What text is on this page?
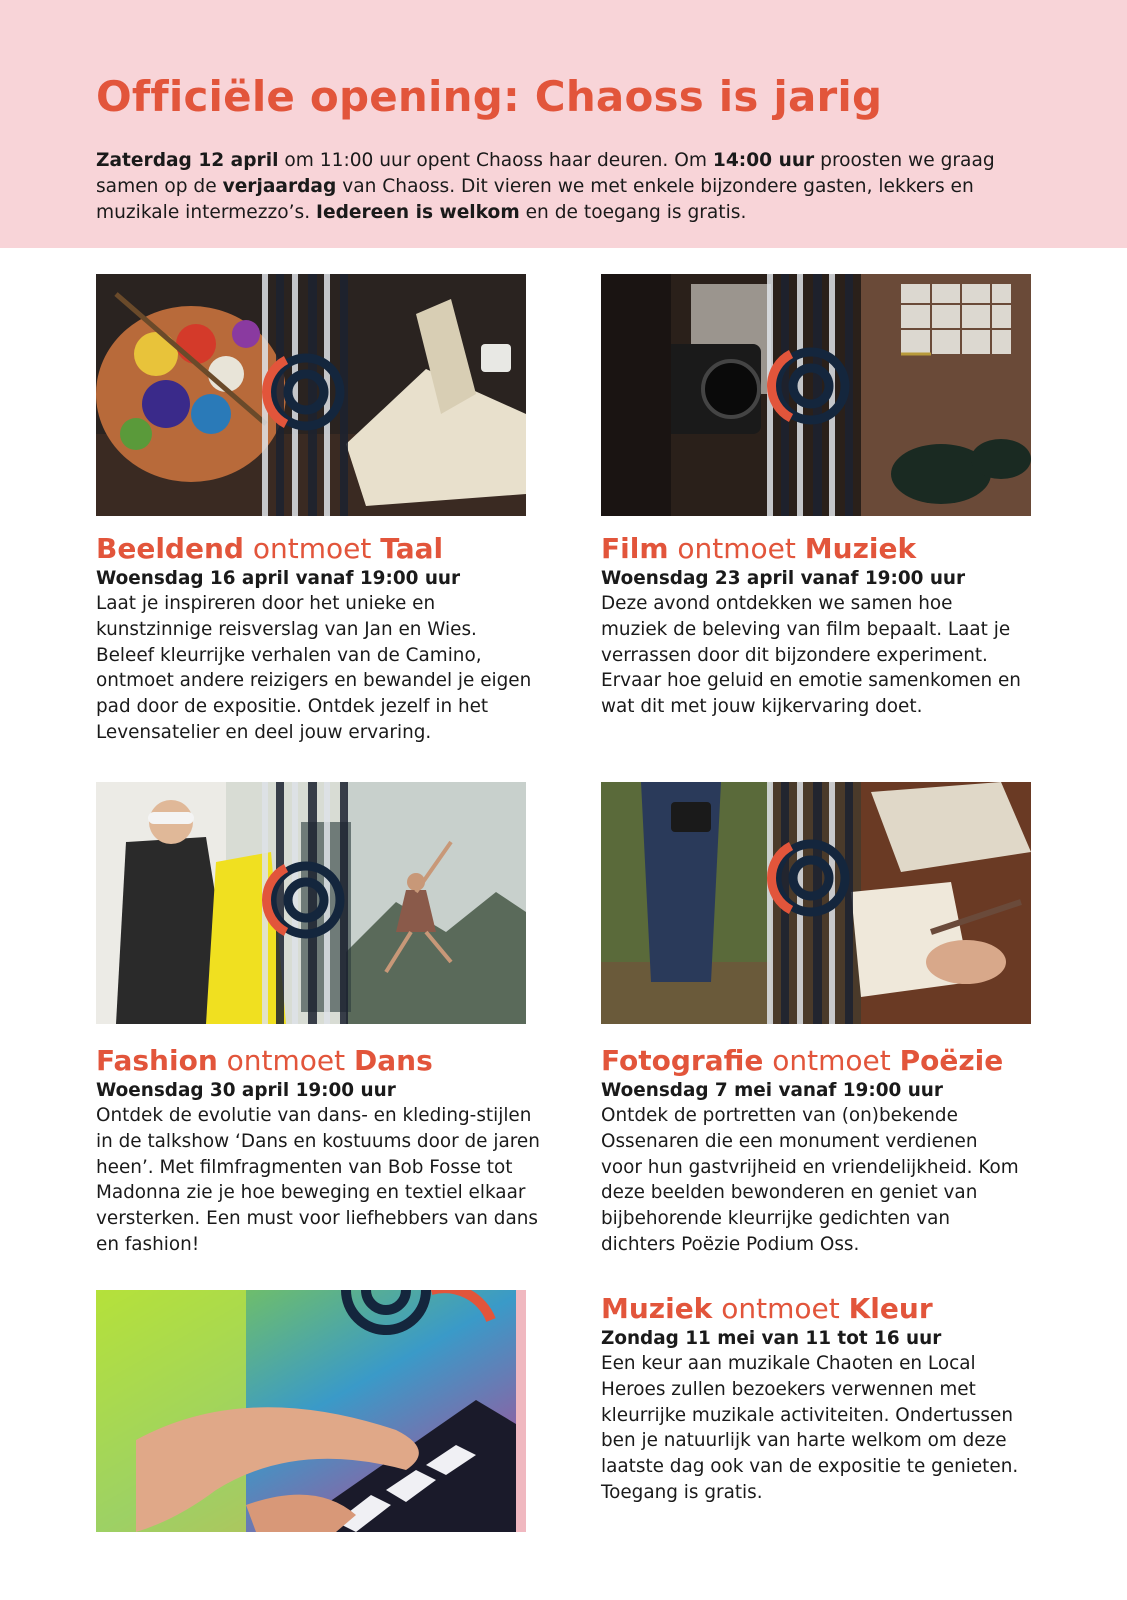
Officiële opening: Chaoss is jarig

Zaterdag 12 april om 11:00 uur opent Chaoss haar deuren. Om 14:00 uur proosten we graag samen op de verjaardag van Chaoss. Dit vieren we met enkele bijzondere gasten, lekkers en muzikale intermezzo’s. Iedereen is welkom en de toegang is gratis.

Beeldend ontmoet Taal

Woensdag 16 april vanaf 19:00 uur

Laat je inspireren door het unieke en kunstzinnige reisverslag van Jan en Wies. Beleef kleurrijke verhalen van de Camino, ontmoet andere reizigers en bewandel je eigen pad door de expositie. Ontdek jezelf in het Levensatelier en deel jouw ervaring.

Film ontmoet Muziek

Woensdag 23 april vanaf 19:00 uur

Deze avond ontdekken we samen hoe muziek de beleving van film bepaalt. Laat je verrassen door dit bijzondere experiment. Ervaar hoe geluid en emotie samenkomen en wat dit met jouw kijkervaring doet.

Fashion ontmoet Dans

Woensdag 30 april 19:00 uur

Ontdek de evolutie van dans- en kleding-stijlen in de talkshow ‘Dans en kostuums door de jaren heen’. Met filmfragmenten van Bob Fosse tot Madonna zie je hoe beweging en textiel elkaar versterken. Een must voor liefhebbers van dans en fashion!

Fotografie ontmoet Poëzie

Woensdag 7 mei vanaf 19:00 uur

Ontdek de portretten van (on)bekende Ossenaren die een monument verdienen voor hun gastvrijheid en vriendelijkheid. Kom deze beelden bewonderen en geniet van bijbehorende kleurrijke gedichten van dichters Poëzie Podium Oss.

Muziek ontmoet Kleur

Zondag 11 mei van 11 tot 16 uur

Een keur aan muzikale Chaoten en Local Heroes zullen bezoekers verwennen met kleurrijke muzikale activiteiten. Ondertussen ben je natuurlijk van harte welkom om deze laatste dag ook van de expositie te genieten. Toegang is gratis.
